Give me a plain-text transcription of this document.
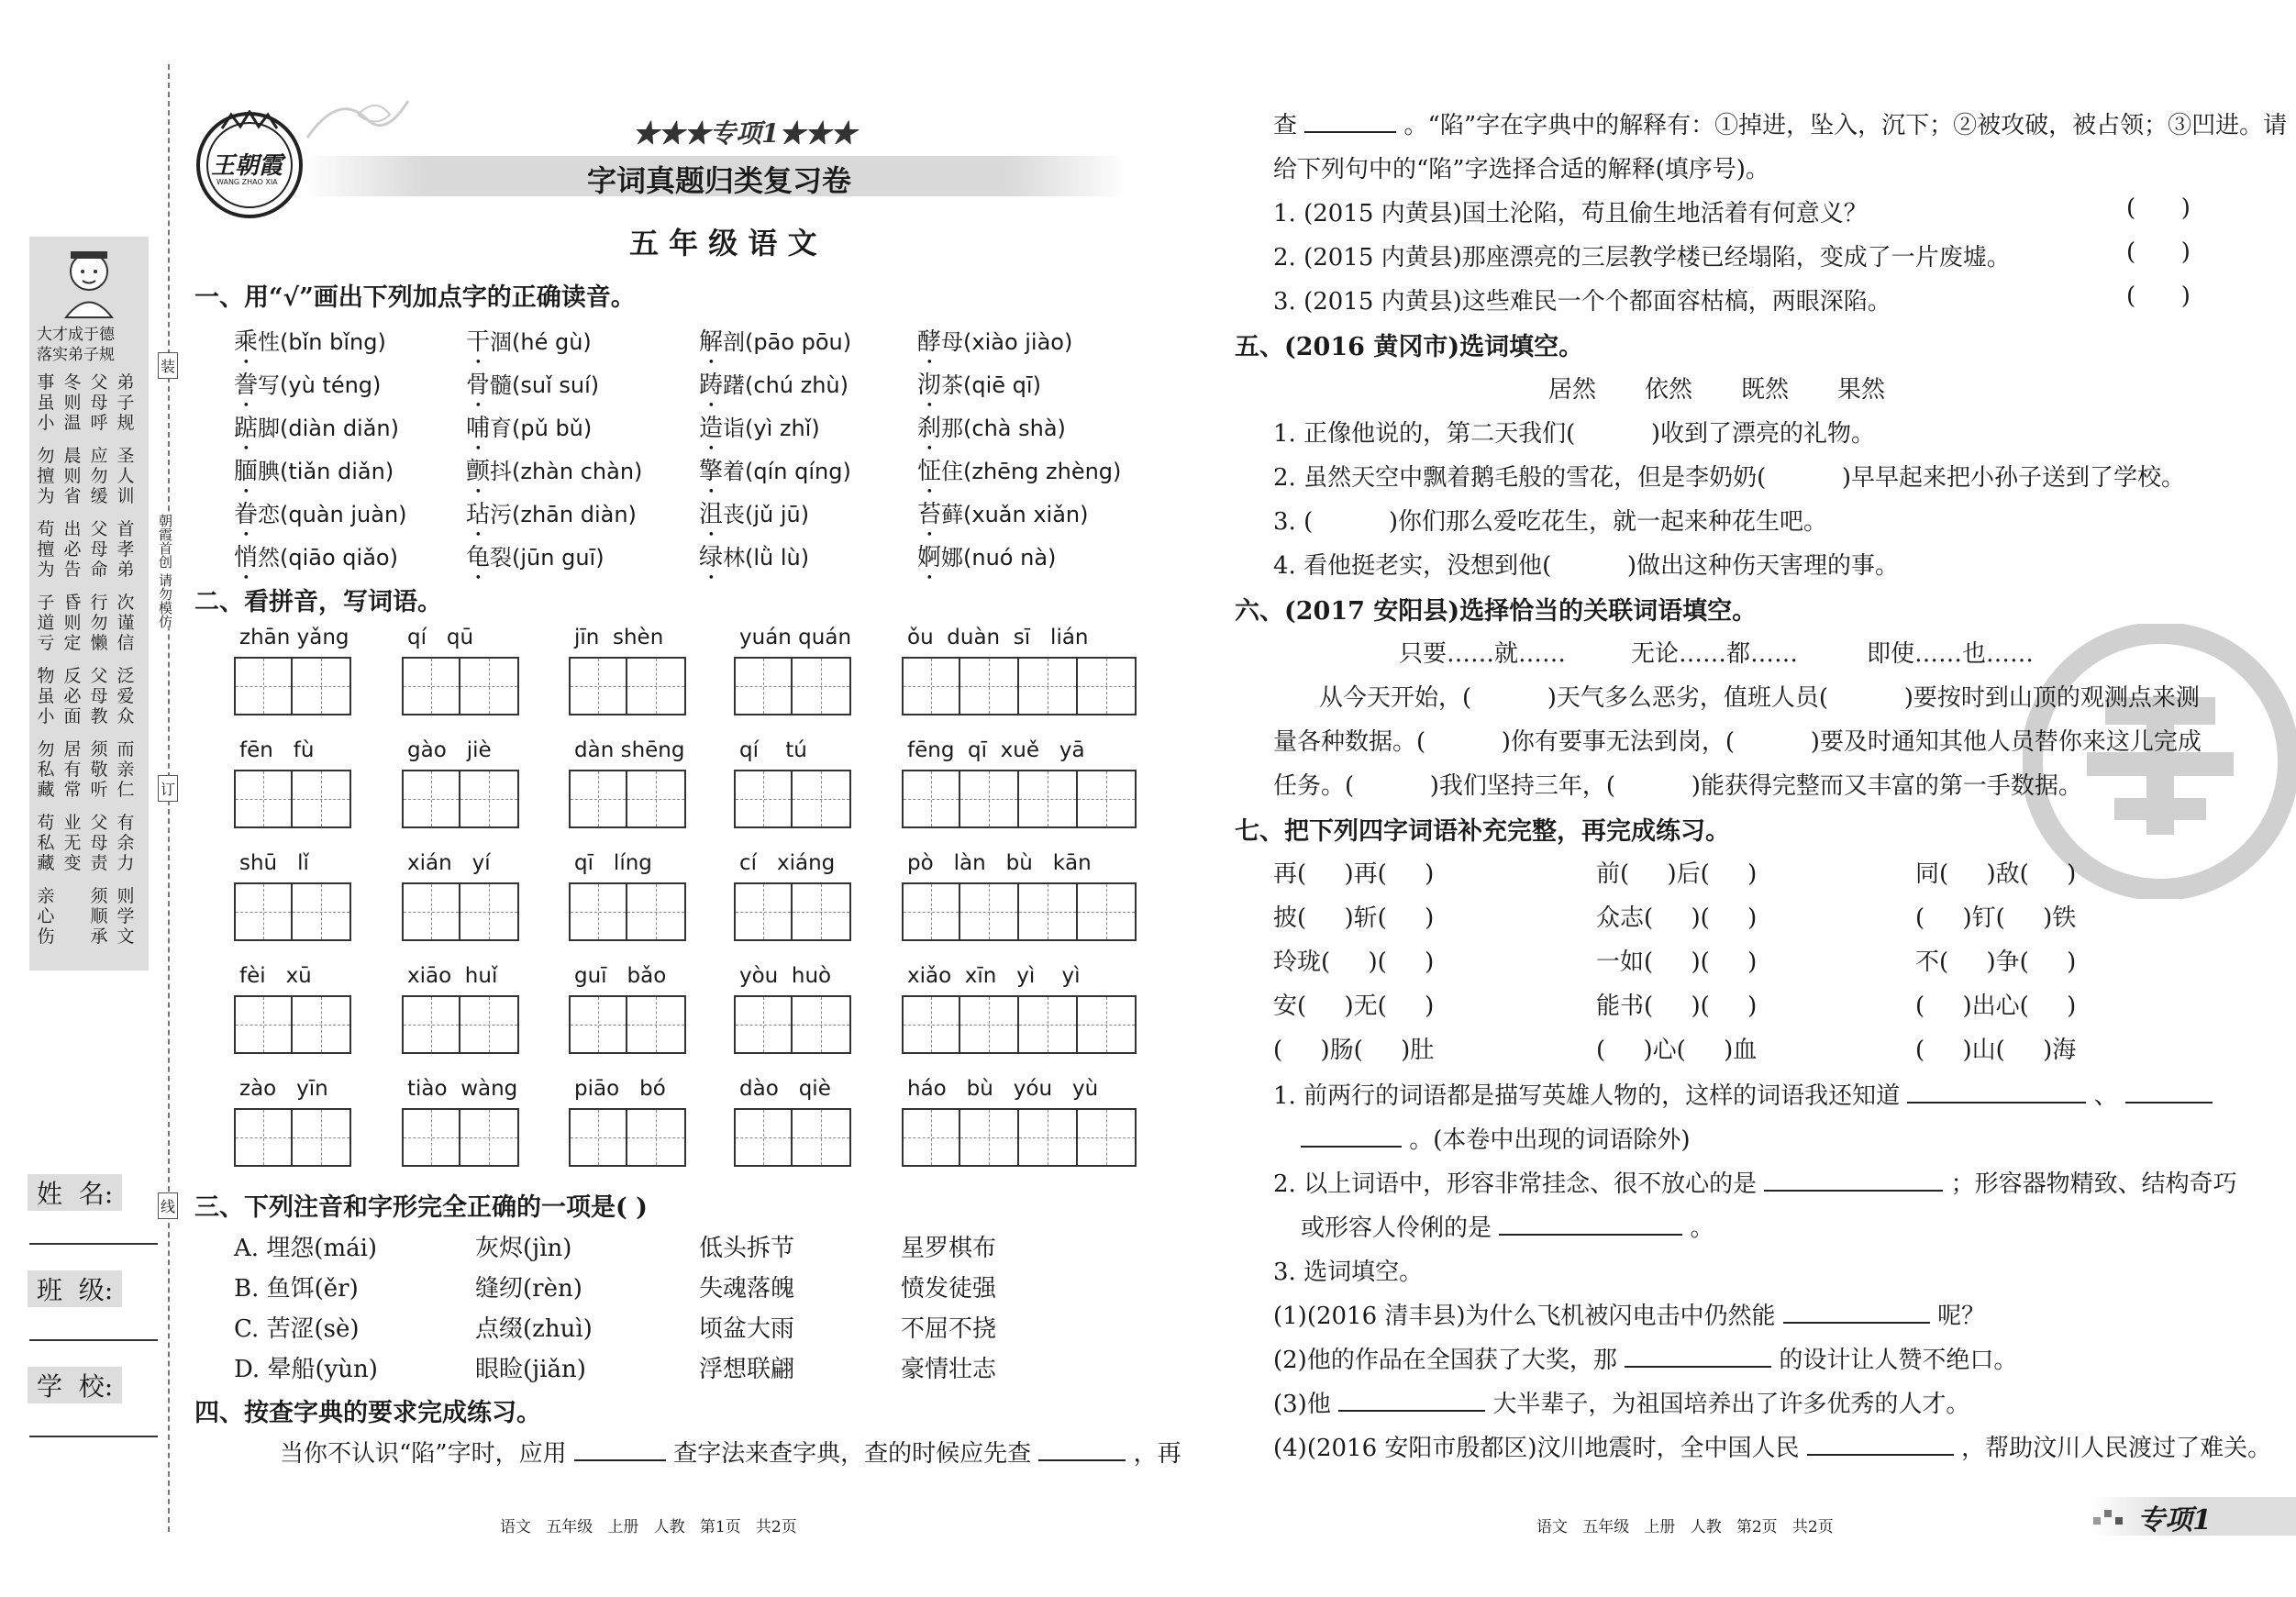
大才成于德
落实弟子规
事虽小
冬则温
父母呼
弟子规
勿擅为
晨则省
应勿缓
圣人训
苟擅为
出必告
父母命
首孝弟
子道亏
昏则定
行勿懒
次谨信
物虽小
反必面
父母教
泛爱众
勿私藏
居有常
须敬听
而亲仁
苟私藏
业无变
父母责
有余力
亲心伤
须顺承
则学文
装
朝霞首创 请勿模仿
订
线
姓  名:
班  级:
学  校:
王朝霞
WANG ZHAO XIA
★★★专项1★★★
字词真题归类复习卷
五 年 级 语 文
一、用“√”画出下列加点字的正确读音。
乘性(bǐn bǐng)	干涸(hé gù)	解剖(pāo pōu)	酵母(xiào jiào)
誊写(yù téng)	骨髓(suǐ suí)	踌躇(chú zhù)	沏茶(qiē qī)
踮脚(diàn diǎn)	哺育(pǔ bǔ)	造诣(yì zhǐ)	刹那(chà shà)
腼腆(tiǎn diǎn)	颤抖(zhàn chàn) 擎着(qín qíng)	怔住(zhēng zhèng)
眷恋(quàn juàn) 玷污(zhān diàn)	沮丧(jǔ jū)	苔藓(xuǎn xiǎn)
悄然(qiāo qiǎo)	龟裂(jūn guī)	绿林(lǜ lù)	婀娜(nuó nà)
二、看拼音，写词语。
zhān yǎng	qí   qū	jīn  shèn	yuán quán	ǒu  duàn  sī   lián
fēn   fù	gào   jiè	dàn shēng	qí    tú	fēng  qī  xuě   yā
shū   lǐ	xián   yí	qī   líng	cí   xiáng	pò   làn   bù   kān
fèi   xū	xiāo  huǐ	guī   bǎo	yòu  huò	xiǎo  xīn   yì    yì
zào   yīn	tiào  wàng	piāo   bó	dào   qiè	háo   bù   yóu   yù
三、下列注音和字形完全正确的一项是( )
A. 埋怨(mái)	灰烬(jìn)	低头拆节	星罗棋布
B. 鱼饵(ěr)	缝纫(rèn)	失魂落魄	愤发徒强
C. 苦涩(sè)	点缀(zhuì)	顷盆大雨	不屈不挠
D. 晕船(yùn)	眼睑(jiǎn)	浮想联翩	豪情壮志
四、按查字典的要求完成练习。
当你不认识“陷”字时，应用	查字法来查字典，查的时候应先查	，再
语文   五年级   上册   人教   第1页   共2页
查	。“陷”字在字典中的解释有：①掉进，坠入，沉下；②被攻破，被占领；③凹进。请
给下列句中的“陷”字选择合适的解释(填序号)。
1. (2015 内黄县)国土沦陷，苟且偷生地活着有何意义？	(      )
2. (2015 内黄县)那座漂亮的三层教学楼已经塌陷，变成了一片废墟。	(      )
3. (2015 内黄县)这些难民一个个都面容枯槁，两眼深陷。	(      )
五、(2016 黄冈市)选词填空。
居然 依然 既然 果然
1. 正像他说的，第二天我们(          )收到了漂亮的礼物。
2. 虽然天空中飘着鹅毛般的雪花，但是李奶奶(          )早早起来把小孙子送到了学校。
3. (          )你们那么爱吃花生，就一起来种花生吧。
4. 看他挺老实，没想到他(          )做出这种伤天害理的事。
六、(2017 安阳县)选择恰当的关联词语填空。
只要……就……	无论……都……	即使……也……
从今天开始，(          )天气多么恶劣，值班人员(          )要按时到山顶的观测点来测
量各种数据。(          )你有要事无法到岗，(          )要及时通知其他人员替你来这儿完成
任务。(          )我们坚持三年，(          )能获得完整而又丰富的第一手数据。
七、把下列四字词语补充完整，再完成练习。
再(     )再(     )	前(     )后(     )	同(     )敌(     )
披(     )斩(     )	众志(     )(     )	(     )钉(     )铁
玲珑(     )(     )	一如(     )(     )	不(     )争(     )
安(     )无(     )	能书(     )(     )	(     )出心(     )
(     )肠(     )肚	(     )心(     )血	(     )山(     )海
1. 前两行的词语都是描写英雄人物的，这样的词语我还知道	、
。(本卷中出现的词语除外)
2. 以上词语中，形容非常挂念、很不放心的是	；形容器物精致、结构奇巧
或形容人伶俐的是	。
3. 选词填空。
(1)(2016 清丰县)为什么飞机被闪电击中仍然能	呢？
(2)他的作品在全国获了大奖，那	的设计让人赞不绝口。
(3)他	大半辈子，为祖国培养出了许多优秀的人才。
(4)(2016 安阳市殷都区)汶川地震时，全中国人民	，帮助汶川人民渡过了难关。
语文   五年级   上册   人教   第2页   共2页	专项1
